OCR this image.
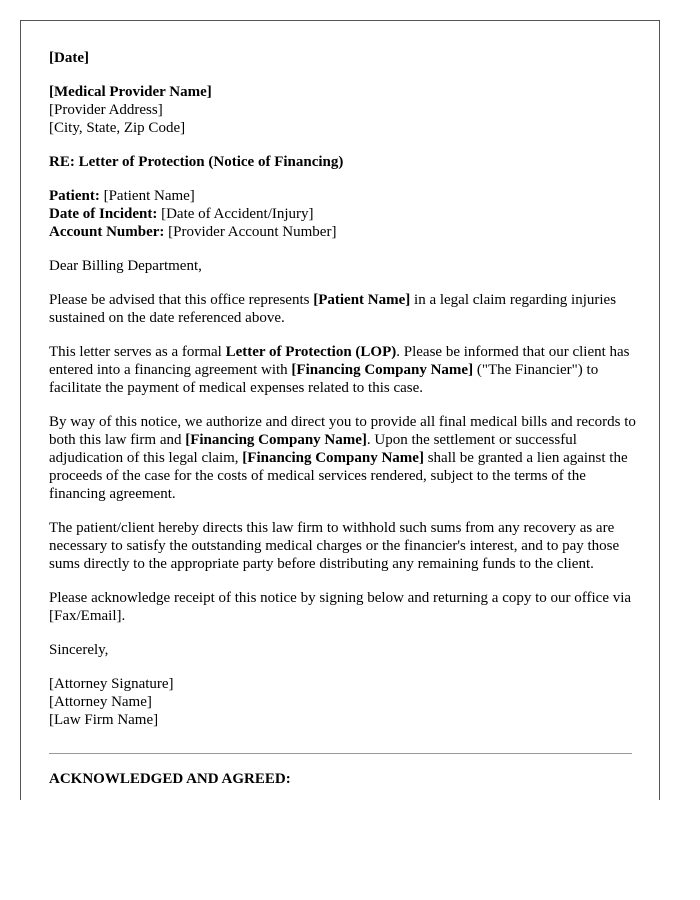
[Date]
[Medical Provider Name]
[Provider Address]
[City, State, Zip Code]
RE: Letter of Protection (Notice of Financing)
Patient: [Patient Name]
Date of Incident: [Date of Accident/Injury]
Account Number: [Provider Account Number]

Dear Billing Department,

Please be advised that this office represents [Patient Name] in a legal claim regarding injuries sustained on the date referenced above.

This letter serves as a formal Letter of Protection (LOP). Please be informed that our client has entered into a financing agreement with [Financing Company Name] ("The Financier") to facilitate the payment of medical expenses related to this case.

By way of this notice, we authorize and direct you to provide all final medical bills and records to both this law firm and [Financing Company Name]. Upon the settlement or successful adjudication of this legal claim, [Financing Company Name] shall be granted a lien against the proceeds of the case for the costs of medical services rendered, subject to the terms of the financing agreement.

The patient/client hereby directs this law firm to withhold such sums from any recovery as are necessary to satisfy the outstanding medical charges or the financier's interest, and to pay those sums directly to the appropriate party before distributing any remaining funds to the client.

Please acknowledge receipt of this notice by signing below and returning a copy to our office via [Fax/Email].

Sincerely,

[Attorney Signature]
[Attorney Name]
[Law Firm Name]
ACKNOWLEDGED AND AGREED:
